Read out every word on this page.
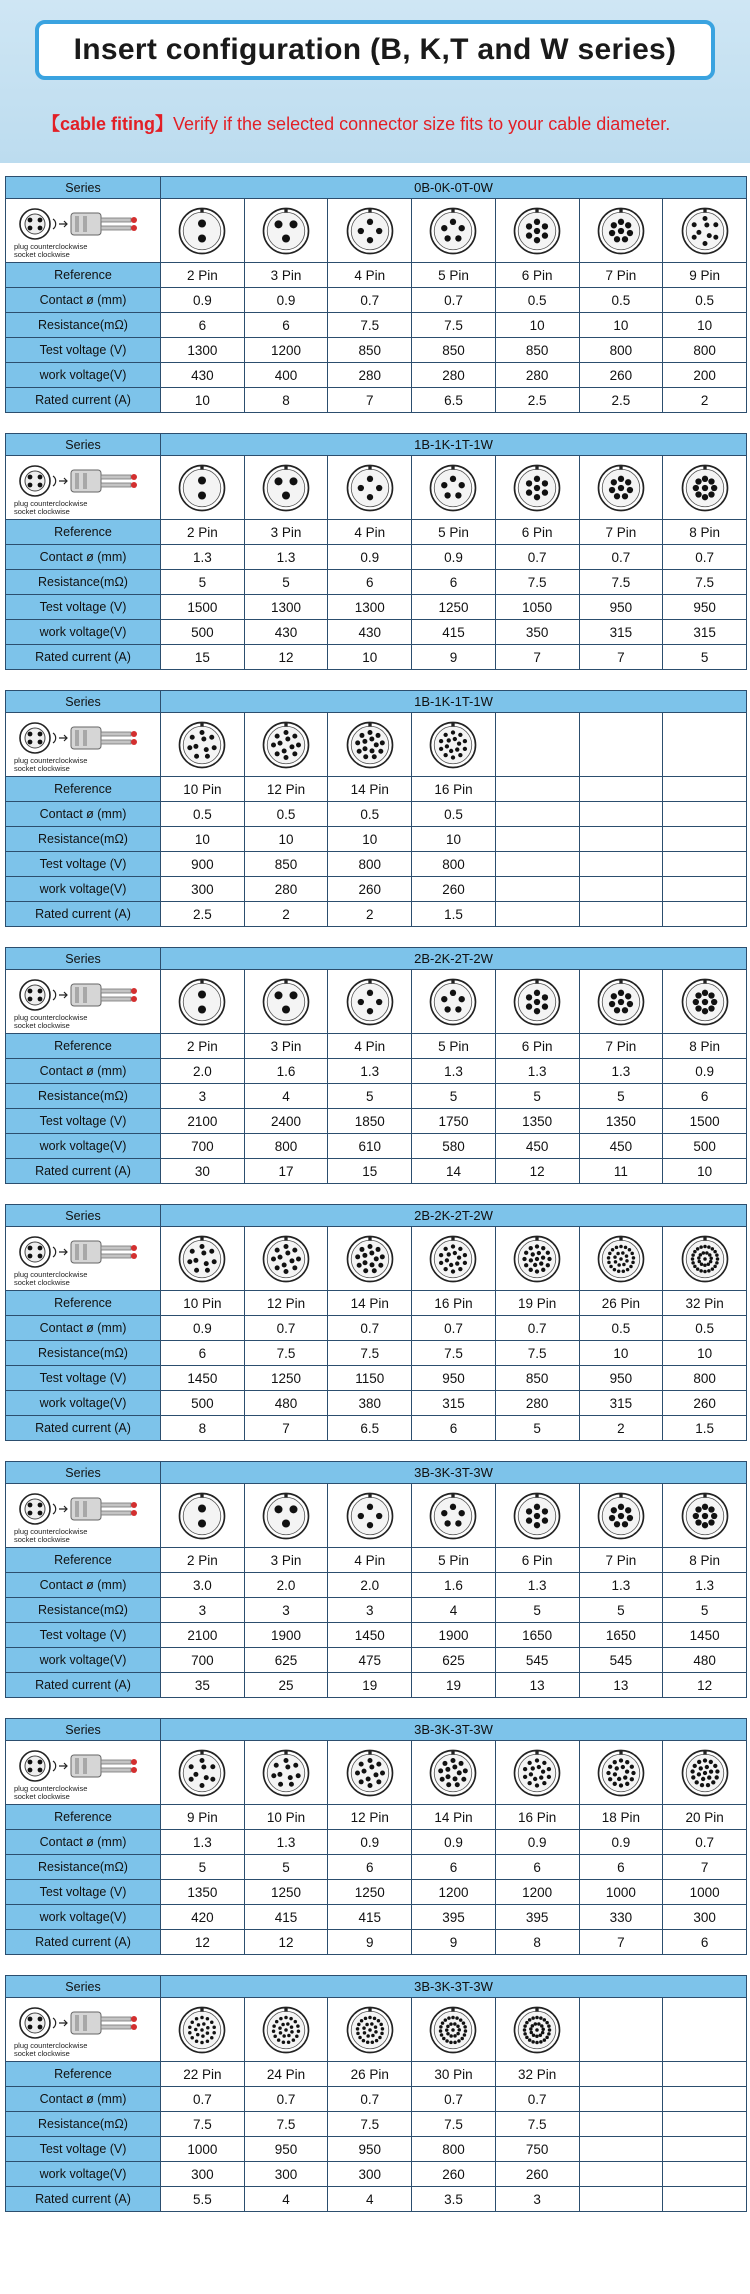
Insert configuration (B, K,T and W series)
【cable fiting】Verify if the selected connector size fits to your cable diameter.
Series	0B-0K-0T-0W						

plug counterclockwise
socket clockwise

Reference	2 Pin	3 Pin	4 Pin	5 Pin	6 Pin	7 Pin	9 Pin
Contact ø (mm)	0.9	0.9	0.7	0.7	0.5	0.5	0.5
Resistance(mΩ)	6	6	7.5	7.5	10	10	10
Test voltage (V)	1300	1200	850	850	850	800	800
work voltage(V)	430	400	280	280	280	260	200
Rated current (A)	10	8	7	6.5	2.5	2.5	2
Series	1B-1K-1T-1W						

plug counterclockwise
socket clockwise

Reference	2 Pin	3 Pin	4 Pin	5 Pin	6 Pin	7 Pin	8 Pin
Contact ø (mm)	1.3	1.3	0.9	0.9	0.7	0.7	0.7
Resistance(mΩ)	5	5	6	6	7.5	7.5	7.5
Test voltage (V)	1500	1300	1300	1250	1050	950	950
work voltage(V)	500	430	430	415	350	315	315
Rated current (A)	15	12	10	9	7	7	5
Series	1B-1K-1T-1W						

plug counterclockwise
socket clockwise

Reference	10 Pin	12 Pin	14 Pin	16 Pin			
Contact ø (mm)	0.5	0.5	0.5	0.5			
Resistance(mΩ)	10	10	10	10			
Test voltage (V)	900	850	800	800			
work voltage(V)	300	280	260	260			
Rated current (A)	2.5	2	2	1.5			
Series	2B-2K-2T-2W						

plug counterclockwise
socket clockwise

Reference	2 Pin	3 Pin	4 Pin	5 Pin	6 Pin	7 Pin	8 Pin
Contact ø (mm)	2.0	1.6	1.3	1.3	1.3	1.3	0.9
Resistance(mΩ)	3	4	5	5	5	5	6
Test voltage (V)	2100	2400	1850	1750	1350	1350	1500
work voltage(V)	700	800	610	580	450	450	500
Rated current (A)	30	17	15	14	12	11	10
Series	2B-2K-2T-2W						

plug counterclockwise
socket clockwise

Reference	10 Pin	12 Pin	14 Pin	16 Pin	19 Pin	26 Pin	32 Pin
Contact ø (mm)	0.9	0.7	0.7	0.7	0.7	0.5	0.5
Resistance(mΩ)	6	7.5	7.5	7.5	7.5	10	10
Test voltage (V)	1450	1250	1150	950	850	950	800
work voltage(V)	500	480	380	315	280	315	260
Rated current (A)	8	7	6.5	6	5	2	1.5
Series	3B-3K-3T-3W						

plug counterclockwise
socket clockwise

Reference	2 Pin	3 Pin	4 Pin	5 Pin	6 Pin	7 Pin	8 Pin
Contact ø (mm)	3.0	2.0	2.0	1.6	1.3	1.3	1.3
Resistance(mΩ)	3	3	3	4	5	5	5
Test voltage (V)	2100	1900	1450	1900	1650	1650	1450
work voltage(V)	700	625	475	625	545	545	480
Rated current (A)	35	25	19	19	13	13	12
Series	3B-3K-3T-3W						

plug counterclockwise
socket clockwise

Reference	9 Pin	10 Pin	12 Pin	14 Pin	16 Pin	18 Pin	20 Pin
Contact ø (mm)	1.3	1.3	0.9	0.9	0.9	0.9	0.7
Resistance(mΩ)	5	5	6	6	6	6	7
Test voltage (V)	1350	1250	1250	1200	1200	1000	1000
work voltage(V)	420	415	415	395	395	330	300
Rated current (A)	12	12	9	9	8	7	6
Series	3B-3K-3T-3W						

plug counterclockwise
socket clockwise

Reference	22 Pin	24 Pin	26 Pin	30 Pin	32 Pin		
Contact ø (mm)	0.7	0.7	0.7	0.7	0.7		
Resistance(mΩ)	7.5	7.5	7.5	7.5	7.5		
Test voltage (V)	1000	950	950	800	750		
work voltage(V)	300	300	300	260	260		
Rated current (A)	5.5	4	4	3.5	3		
